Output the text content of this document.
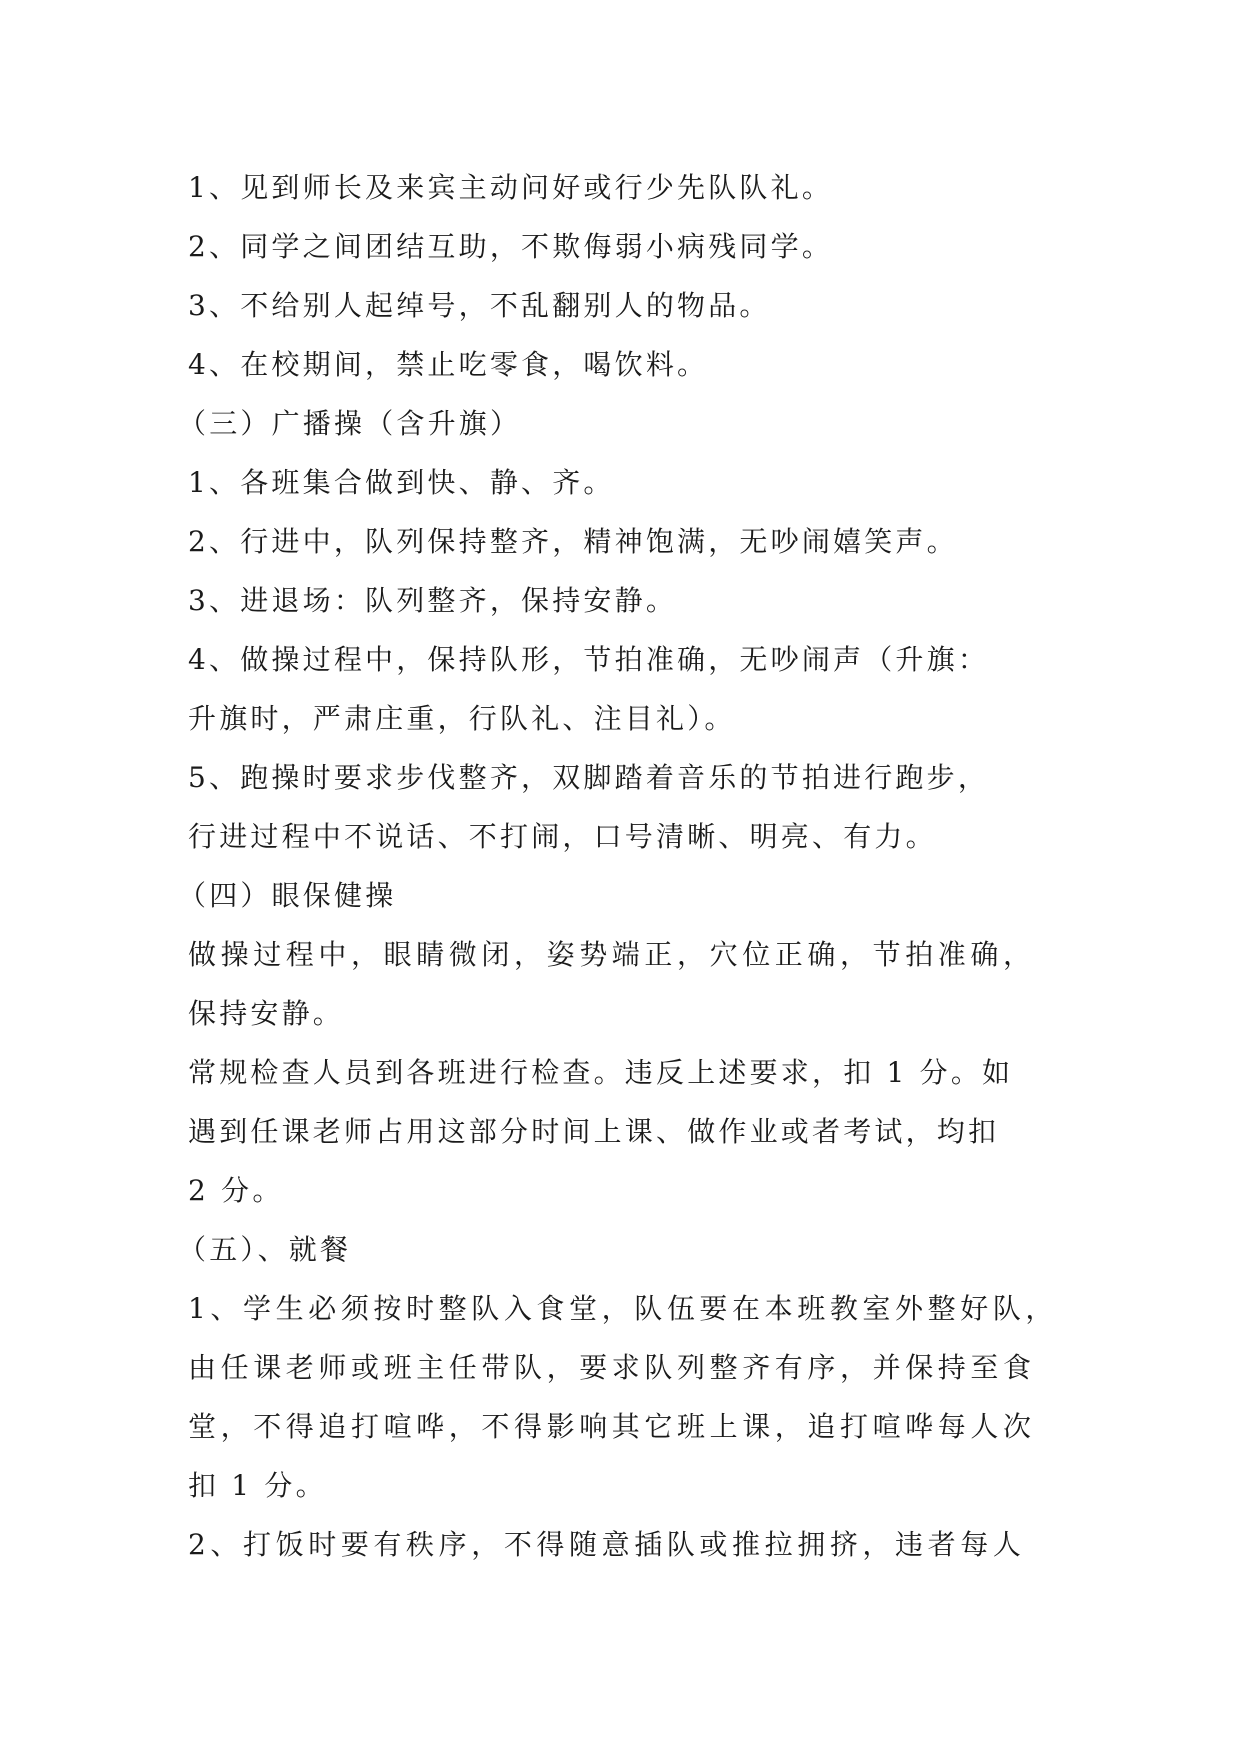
1、见到师长及来宾主动问好或行少先队队礼。
2、同学之间团结互助，不欺侮弱小病残同学。
3、不给别人起绰号，不乱翻别人的物品。
4、在校期间，禁止吃零食，喝饮料。
（三）广播操（含升旗）
1、各班集合做到快、静、齐。
2、行进中，队列保持整齐，精神饱满，无吵闹嬉笑声。
3、进退场：队列整齐，保持安静。
4、做操过程中，保持队形，节拍准确，无吵闹声（升旗：
升旗时，严肃庄重，行队礼、注目礼）。
5、跑操时要求步伐整齐，双脚踏着音乐的节拍进行跑步，
行进过程中不说话、不打闹，口号清晰、明亮、有力。
（四）眼保健操
做操过程中，眼睛微闭，姿势端正，穴位正确，节拍准确，
保持安静。
常规检查人员到各班进行检查。违反上述要求，扣 1 分。如
遇到任课老师占用这部分时间上课、做作业或者考试，均扣
2 分。
（五）、就餐
1、学生必须按时整队入食堂，队伍要在本班教室外整好队，
由任课老师或班主任带队，要求队列整齐有序，并保持至食
堂，不得追打喧哗，不得影响其它班上课，追打喧哗每人次
扣 1 分。
2、打饭时要有秩序，不得随意插队或推拉拥挤，违者每人
